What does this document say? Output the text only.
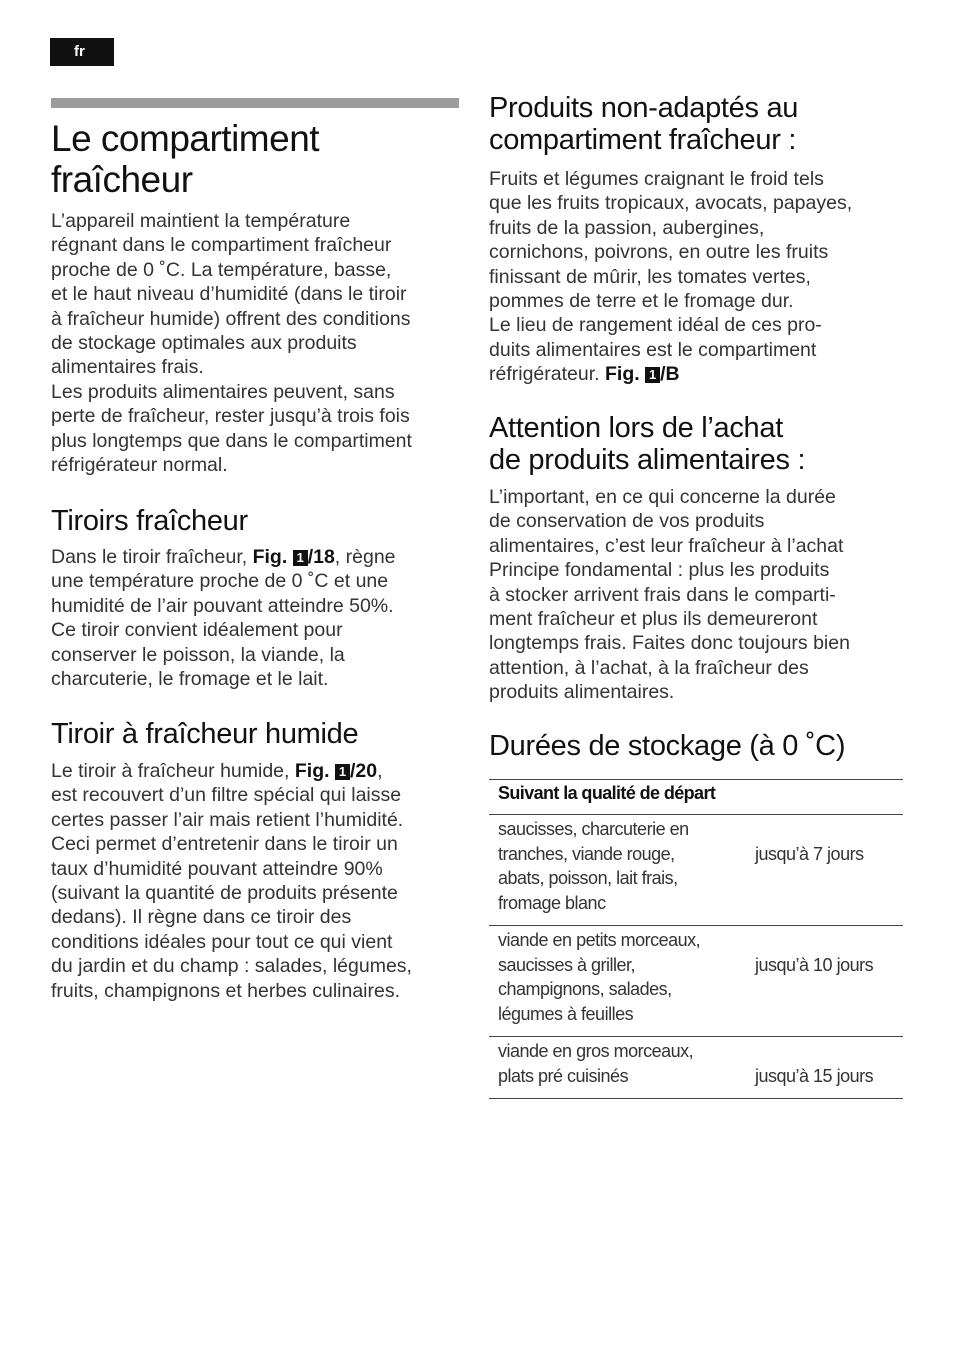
fr
Le compartiment
fraîcheur

L’appareil maintient la température
régnant dans le compartiment fraîcheur
proche de 0 ˚C. La température, basse,
et le haut niveau d’humidité (dans le tiroir
à fraîcheur humide) offrent des conditions
de stockage optimales aux produits
alimentaires frais.
Les produits alimentaires peuvent, sans
perte de fraîcheur, rester jusqu’à trois fois
plus longtemps que dans le compartiment
réfrigérateur normal.

Tiroirs fraîcheur

Dans le tiroir fraîcheur, Fig. 1 /18, règne
une température proche de 0 ˚C et une
humidité de l’air pouvant atteindre 50%.
Ce tiroir convient idéalement pour
conserver le poisson, la viande, la
charcuterie, le fromage et le lait.

Tiroir à fraîcheur humide

Le tiroir à fraîcheur humide, Fig. 1 /20,
est recouvert d’un filtre spécial qui laisse
certes passer l’air mais retient l’humidité.
Ceci permet d’entretenir dans le tiroir un
taux d’humidité pouvant atteindre 90%
(suivant la quantité de produits présente
dedans). Il règne dans ce tiroir des
conditions idéales pour tout ce qui vient
du jardin et du champ : salades, légumes,
fruits, champignons et herbes culinaires.

Produits non-adaptés au
compartiment fraîcheur :

Fruits et légumes craignant le froid tels
que les fruits tropicaux, avocats, papayes,
fruits de la passion, aubergines,
cornichons, poivrons, en outre les fruits
finissant de mûrir, les tomates vertes,
pommes de terre et le fromage dur.
Le lieu de rangement idéal de ces pro-
duits alimentaires est le compartiment
réfrigérateur. Fig. 1 /B

Attention lors de l’achat
de produits alimentaires :

L’important, en ce qui concerne la durée
de conservation de vos produits
alimentaires, c’est leur fraîcheur à l’achat
Principe fondamental : plus les produits
à stocker arrivent frais dans le comparti-
ment fraîcheur et plus ils demeureront
longtemps frais. Faites donc toujours bien
attention, à l’achat, à la fraîcheur des
produits alimentaires.

Durées de stockage (à 0 ˚C)
Suivant la qualité de départ
saucisses, charcuterie en
tranches, viande rouge,
abats, poisson, lait frais,
fromage blanc
jusqu’à 7 jours
viande en petits morceaux,
saucisses à griller,
champignons, salades,
légumes à feuilles
jusqu’à 10 jours
viande en gros morceaux,
plats pré cuisinés	jusqu’à 15 jours
